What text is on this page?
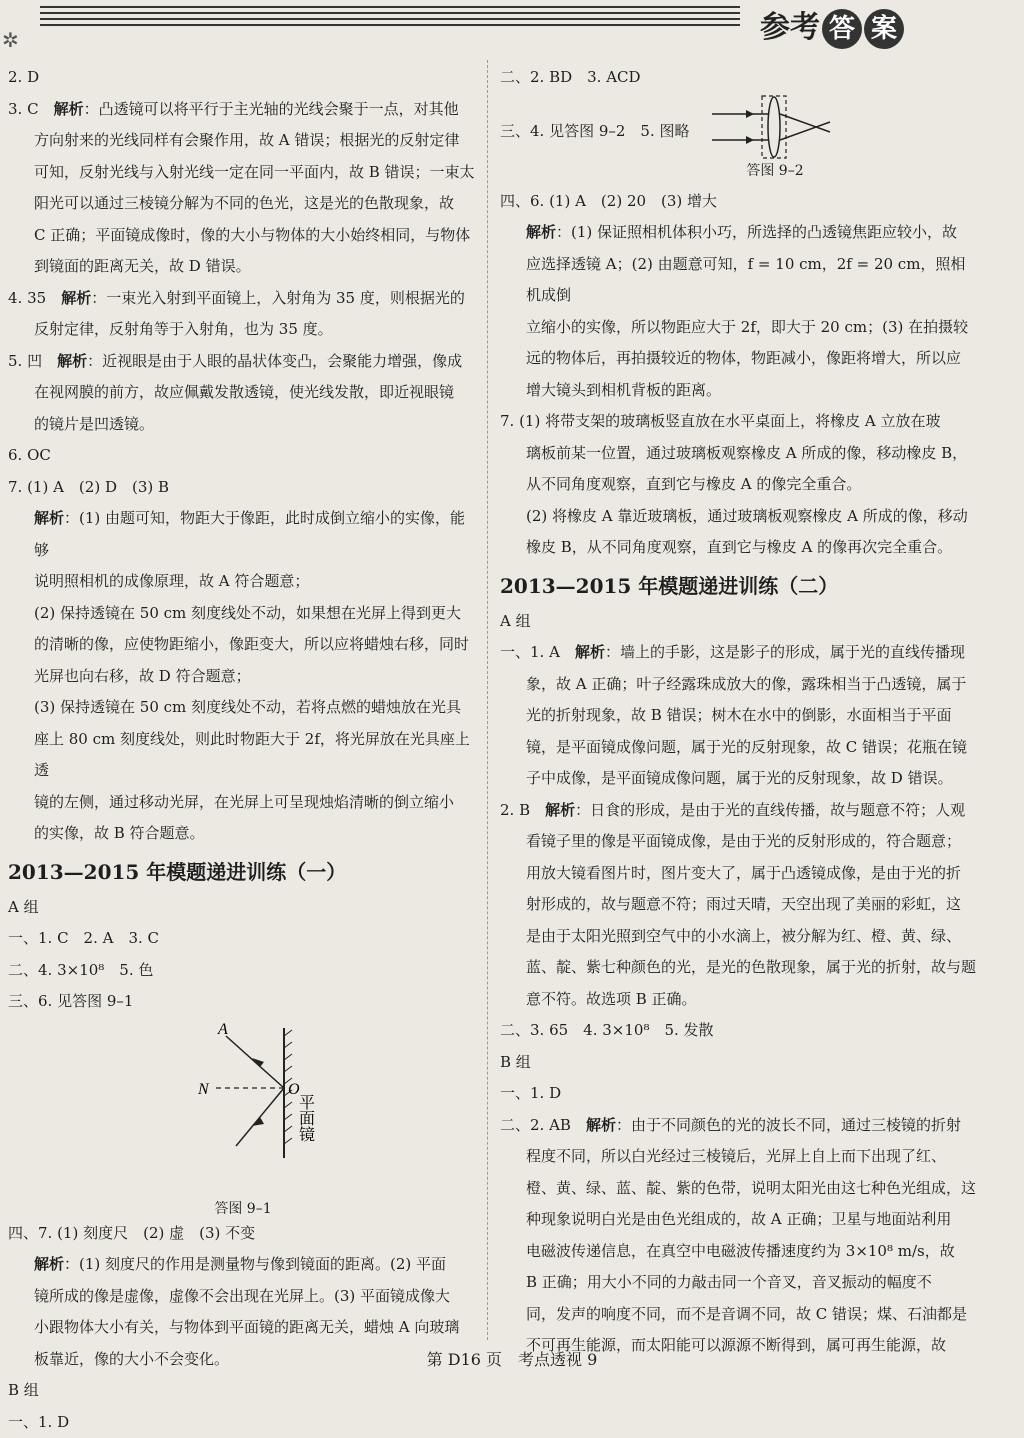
✲	参考 答 案

2. D

3. C　 解析：凸透镜可以将平行于主光轴的光线会聚于一点，对其他

方向射来的光线同样有会聚作用，故 A 错误；根据光的反射定律

可知，反射光线与入射光线一定在同一平面内，故 B 错误；一束太

阳光可以通过三棱镜分解为不同的色光，这是光的色散现象，故

C 正确；平面镜成像时，像的大小与物体的大小始终相同，与物体

到镜面的距离无关，故 D 错误。

4. 35　 解析：一束光入射到平面镜上，入射角为 35 度，则根据光的

反射定律，反射角等于入射角，也为 35 度。

5. 凹　 解析：近视眼是由于人眼的晶状体变凸，会聚能力增强，像成

在视网膜的前方，故应佩戴发散透镜，使光线发散，即近视眼镜

的镜片是凹透镜。

6. OC

7. (1) A　(2) D　(3) B

解析：(1) 由题可知，物距大于像距，此时成倒立缩小的实像，能够

说明照相机的成像原理，故 A 符合题意；

(2) 保持透镜在 50 cm 刻度线处不动，如果想在光屏上得到更大

的清晰的像，应使物距缩小，像距变大，所以应将蜡烛右移，同时

光屏也向右移，故 D 符合题意；

(3) 保持透镜在 50 cm 刻度线处不动，若将点燃的蜡烛放在光具

座上 80 cm 刻度线处，则此时物距大于 2f，将光屏放在光具座上透

镜的左侧，通过移动光屏，在光屏上可呈现烛焰清晰的倒立缩小

的实像，故 B 符合题意。

2013—2015 年模题递进训练（一）

A 组

一、1. C　2. A　3. C

二、4. 3×10⁸　5. 色

三、6. 见答图 9–1

A
N	O
平面镜
答图 9–1

四、7. (1) 刻度尺　(2) 虚　(3) 不变

解析：(1) 刻度尺的作用是测量物与像到镜面的距离。(2) 平面

镜所成的像是虚像，虚像不会出现在光屏上。(3) 平面镜成像大

小跟物体大小有关，与物体到平面镜的距离无关，蜡烛 A 向玻璃

板靠近，像的大小不会变化。

B 组

一、1. D

二、2. BD　3. ACD

三、4. 见答图 9–2　5. 图略
答图 9–2

四、6. (1) A　(2) 20　(3) 增大

解析：(1) 保证照相机体积小巧，所选择的凸透镜焦距应较小，故

应选择透镜 A；(2) 由题意可知，f = 10 cm，2f = 20 cm，照相机成倒

立缩小的实像，所以物距应大于 2f，即大于 20 cm；(3) 在拍摄较

远的物体后，再拍摄较近的物体，物距减小，像距将增大，所以应

增大镜头到相机背板的距离。

7. (1) 将带支架的玻璃板竖直放在水平桌面上，将橡皮 A 立放在玻

璃板前某一位置，通过玻璃板观察橡皮 A 所成的像，移动橡皮 B，

从不同角度观察，直到它与橡皮 A 的像完全重合。

(2) 将橡皮 A 靠近玻璃板，通过玻璃板观察橡皮 A 所成的像，移动

橡皮 B，从不同角度观察，直到它与橡皮 A 的像再次完全重合。

2013—2015 年模题递进训练（二）

A 组

一、1. A　 解析：墙上的手影，这是影子的形成，属于光的直线传播现

象，故 A 正确；叶子经露珠成放大的像，露珠相当于凸透镜，属于

光的折射现象，故 B 错误；树木在水中的倒影，水面相当于平面

镜，是平面镜成像问题，属于光的反射现象，故 C 错误；花瓶在镜

子中成像，是平面镜成像问题，属于光的反射现象，故 D 错误。

2. B　 解析：日食的形成，是由于光的直线传播，故与题意不符；人观

看镜子里的像是平面镜成像，是由于光的反射形成的，符合题意；

用放大镜看图片时，图片变大了，属于凸透镜成像，是由于光的折

射形成的，故与题意不符；雨过天晴，天空出现了美丽的彩虹，这

是由于太阳光照到空气中的小水滴上，被分解为红、橙、黄、绿、

蓝、靛、紫七种颜色的光，是光的色散现象，属于光的折射，故与题

意不符。故选项 B 正确。

二、3. 65　4. 3×10⁸　5. 发散

B 组

一、1. D

二、2. AB　 解析：由于不同颜色的光的波长不同，通过三棱镜的折射

程度不同，所以白光经过三棱镜后，光屏上自上而下出现了红、

橙、黄、绿、蓝、靛、紫的色带，说明太阳光由这七种色光组成，这

种现象说明白光是由色光组成的，故 A 正确；卫星与地面站利用

电磁波传递信息，在真空中电磁波传播速度约为 3×10⁸ m/s，故

B 正确；用大小不同的力敲击同一个音叉，音叉振动的幅度不

同，发声的响度不同，而不是音调不同，故 C 错误；煤、石油都是

不可再生能源，而太阳能可以源源不断得到，属可再生能源，故

第 D16 页　考点透视 9
